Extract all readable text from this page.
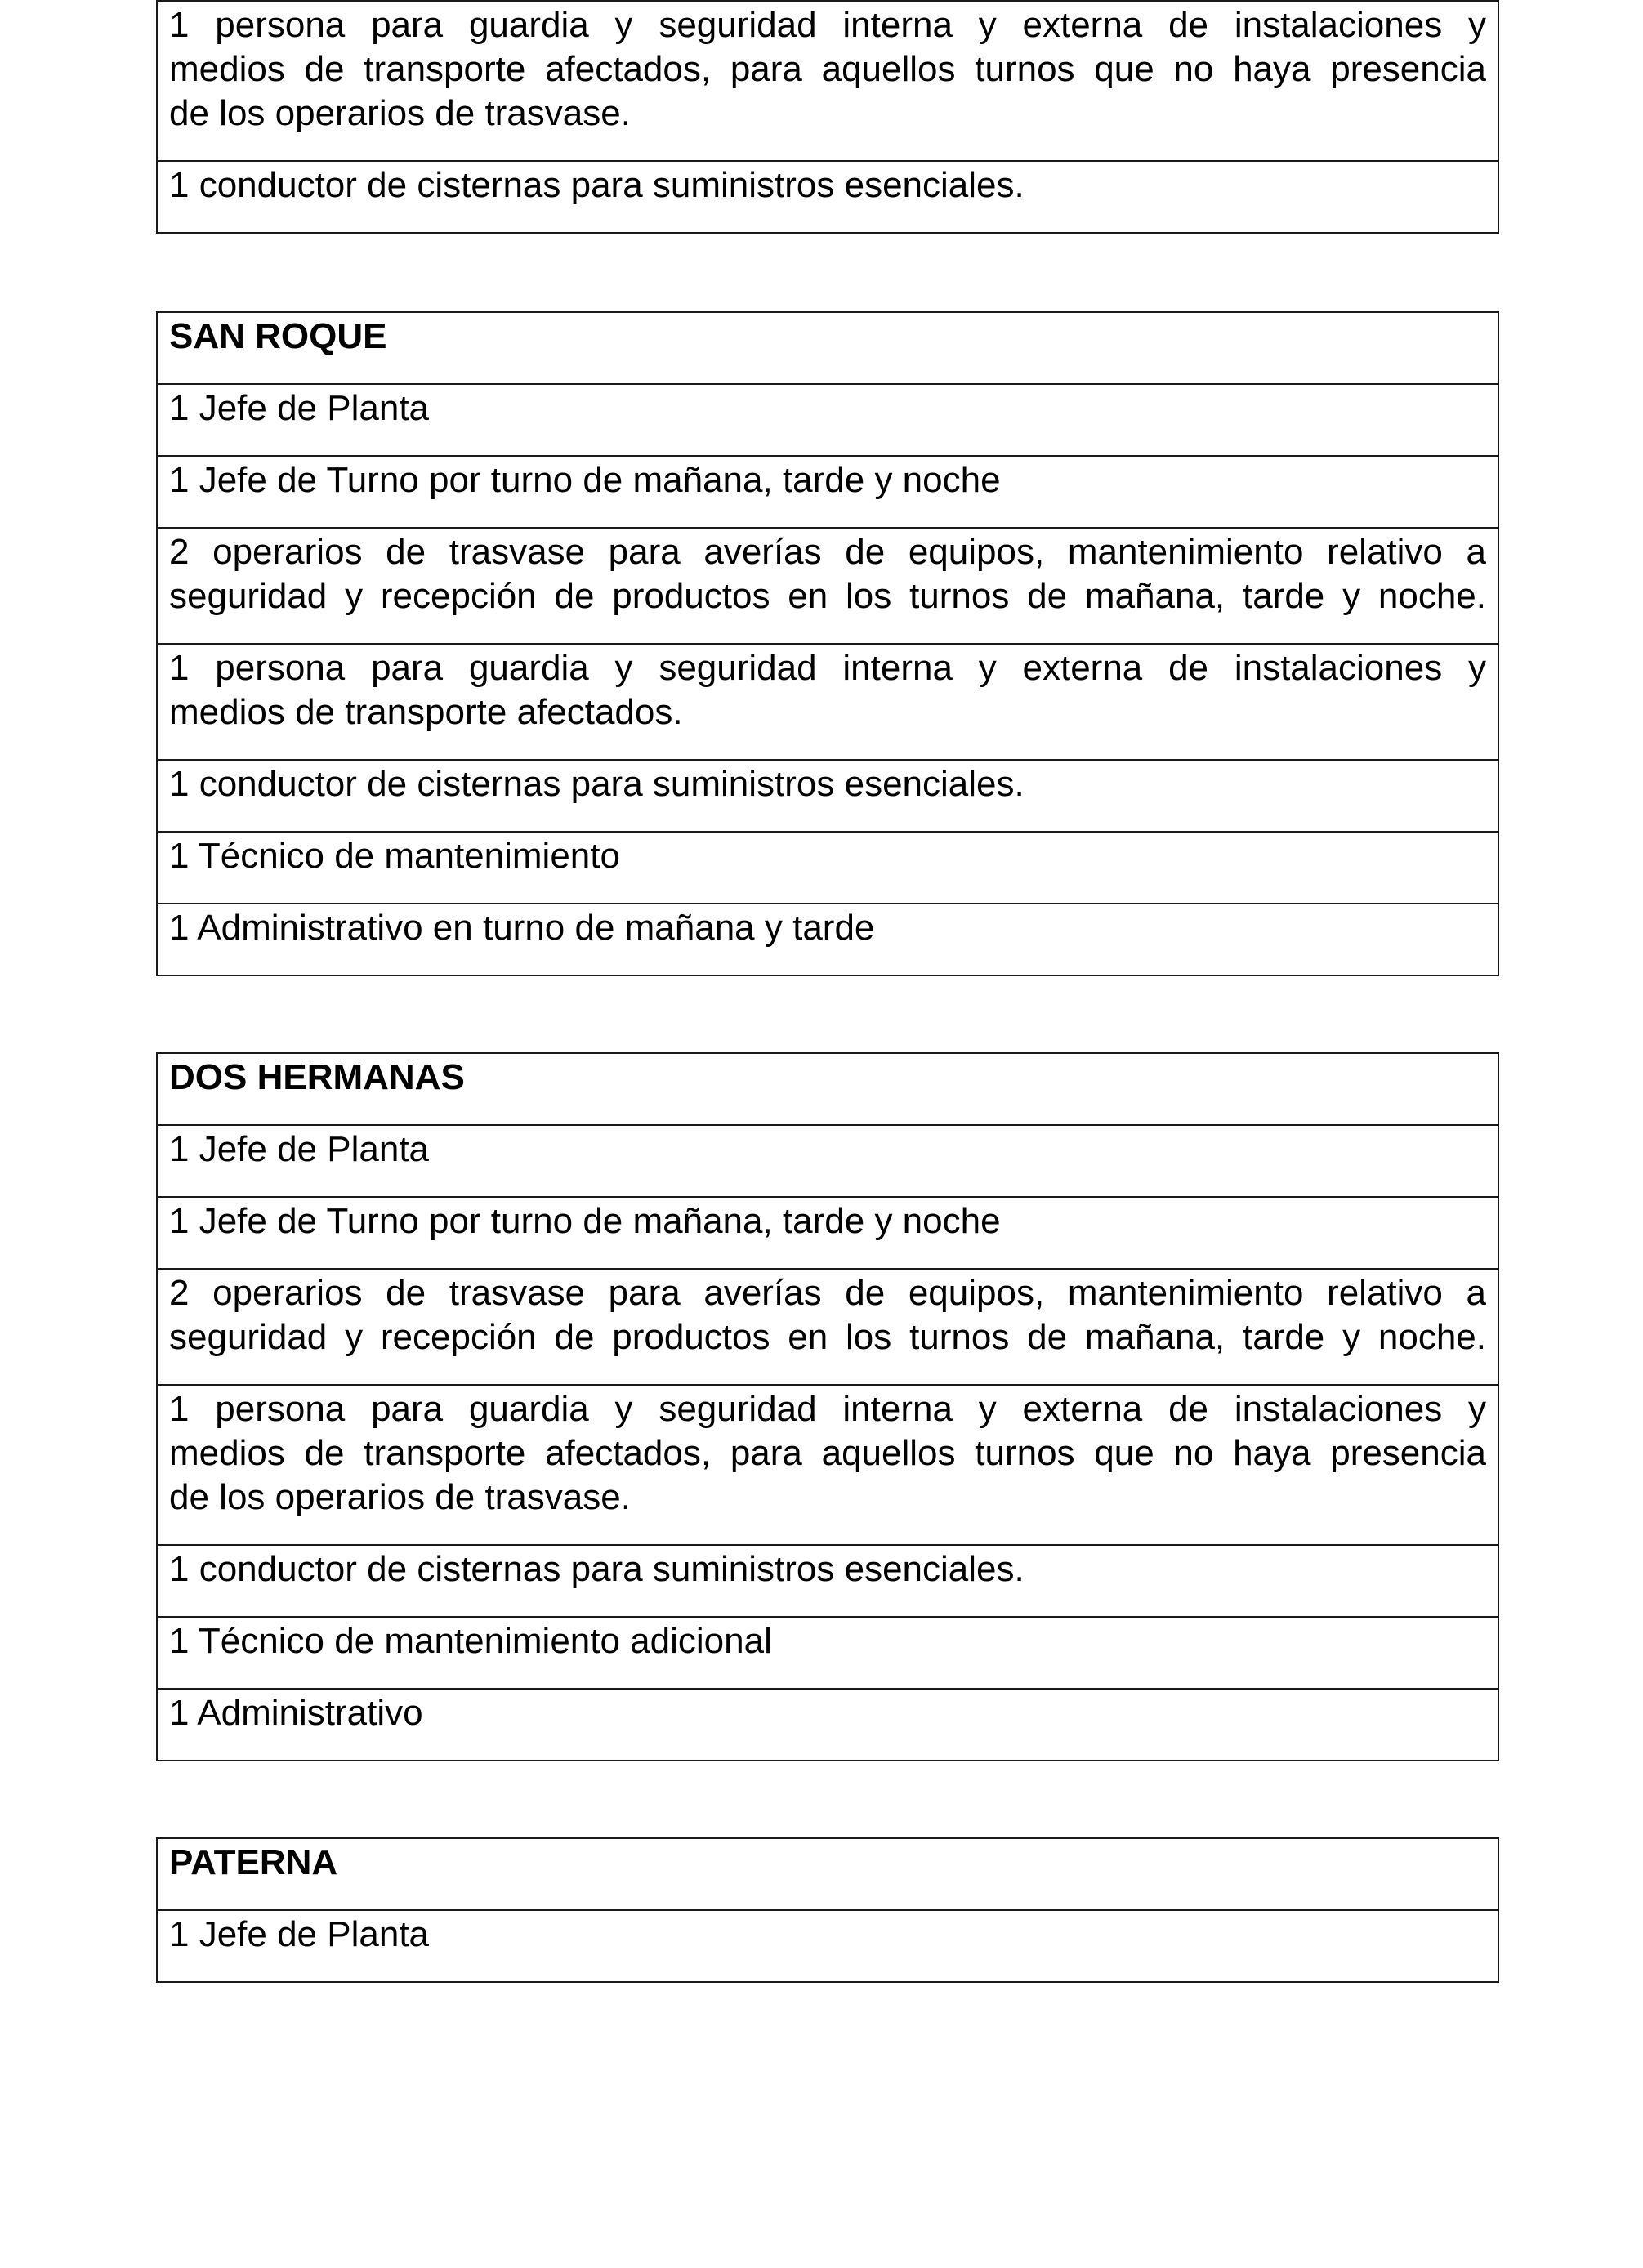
1 persona para guardia y seguridad interna y externa de instalaciones y
medios de transporte afectados, para aquellos turnos que no haya presencia
de los operarios de trasvase.

1 conductor de cisternas para suministros esenciales.
SAN ROQUE

1 Jefe de Planta

1 Jefe de Turno por turno de mañana, tarde y noche

2 operarios de trasvase para averías de equipos, mantenimiento relativo a
seguridad y recepción de productos en los turnos de mañana, tarde y noche.

1 persona para guardia y seguridad interna y externa de instalaciones y
medios de transporte afectados.

1 conductor de cisternas para suministros esenciales.

1 Técnico de mantenimiento

1 Administrativo en turno de mañana y tarde
DOS HERMANAS

1 Jefe de Planta

1 Jefe de Turno por turno de mañana, tarde y noche

2 operarios de trasvase para averías de equipos, mantenimiento relativo a
seguridad y recepción de productos en los turnos de mañana, tarde y noche.

1 persona para guardia y seguridad interna y externa de instalaciones y
medios de transporte afectados, para aquellos turnos que no haya presencia
de los operarios de trasvase.

1 conductor de cisternas para suministros esenciales.

1 Técnico de mantenimiento adicional

1 Administrativo
PATERNA

1 Jefe de Planta
